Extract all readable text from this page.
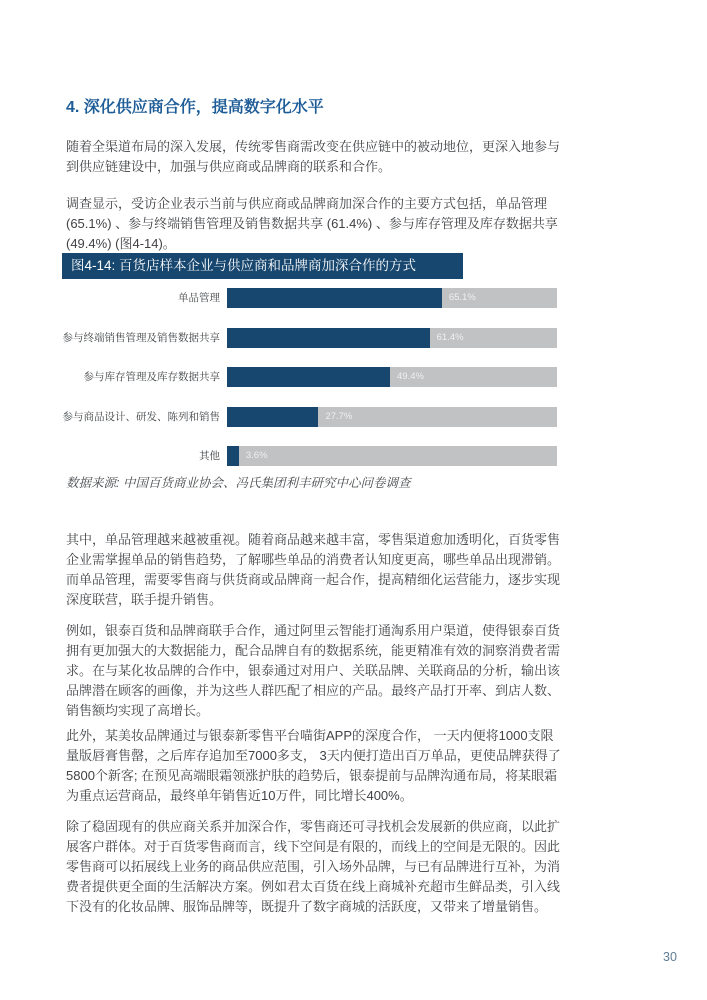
4. 深化供应商合作，提高数字化水平

随着全渠道布局的深入发展，传统零售商需改变在供应链中的被动地位，更深入地参与到供应链建设中，加强与供应商或品牌商的联系和合作。

调查显示，受访企业表示当前与供应商或品牌商加深合作的主要方式包括，单品管理 (65.1%) 、参与终端销售管理及销售数据共享 (61.4%) 、参与库存管理及库存数据共享 (49.4%) (图4-14)。

图4-14: 百货店样本企业与供应商和品牌商加深合作的方式
单品管理	65.1%
参与终端销售管理及销售数据共享	61.4%
参与库存管理及库存数据共享	49.4%
参与商品设计、研发、陈列和销售	27.7%
其他	3.6%
数据来源: 中国百货商业协会、冯氏集团利丰研究中心问卷调查

其中，单品管理越来越被重视。随着商品越来越丰富，零售渠道愈加透明化，百货零售企业需掌握单品的销售趋势，了解哪些单品的消费者认知度更高，哪些单品出现滞销。而单品管理，需要零售商与供货商或品牌商一起合作，提高精细化运营能力，逐步实现深度联营，联手提升销售。

例如，银泰百货和品牌商联手合作，通过阿里云智能打通淘系用户渠道，使得银泰百货拥有更加强大的大数据能力，配合品牌自有的数据系统，能更精准有效的洞察消费者需求。在与某化妆品牌的合作中，银泰通过对用户、关联品牌、关联商品的分析，输出该品牌潜在顾客的画像，并为这些人群匹配了相应的产品。最终产品打开率、到店人数、销售额均实现了高增长。

此外，某美妆品牌通过与银泰新零售平台喵街APP的深度合作， 一天内便将1000支限量版唇膏售罄，之后库存追加至7000多支， 3天内便打造出百万单品，更使品牌获得了5800个新客; 在预见高端眼霜领涨护肤的趋势后，银泰提前与品牌沟通布局，将某眼霜为重点运营商品，最终单年销售近10万件，同比增长400%。

除了稳固现有的供应商关系并加深合作，零售商还可寻找机会发展新的供应商，以此扩展客户群体。对于百货零售商而言，线下空间是有限的，而线上的空间是无限的。因此零售商可以拓展线上业务的商品供应范围，引入场外品牌，与已有品牌进行互补，为消费者提供更全面的生活解决方案。例如君太百货在线上商城补充超市生鲜品类，引入线下没有的化妆品牌、服饰品牌等，既提升了数字商城的活跃度，又带来了增量销售。

30
